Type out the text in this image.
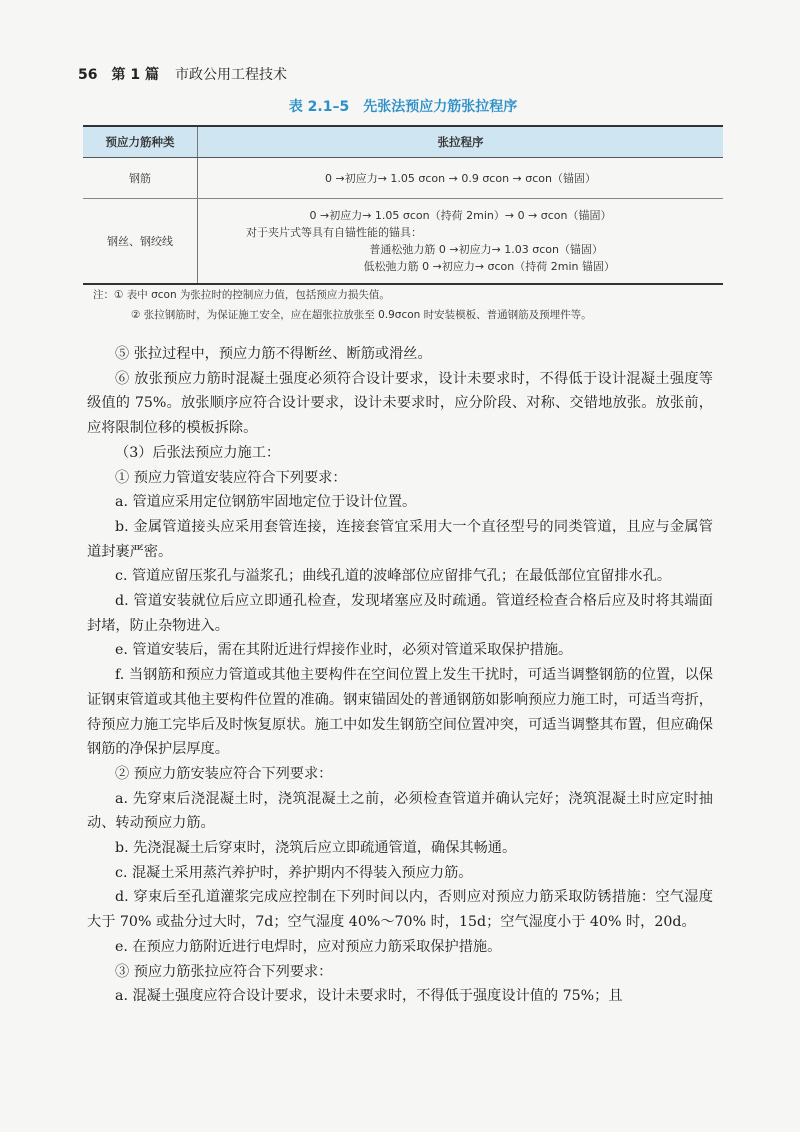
56 第 1 篇 市政公用工程技术
表 2.1–5　先张法预应力筋张拉程序
预应力筋种类	张拉程序
钢筋	0 →初应力→ 1.05 σcon → 0.9 σcon → σcon（锚固）

钢丝、钢绞线	0 →初应力→ 1.05 σcon（持荷 2min）→ 0 → σcon（锚固）
对于夹片式等具有自锚性能的锚具：
普通松弛力筋 0 →初应力→ 1.03 σcon（锚固）
低松弛力筋 0 →初应力→ σcon（持荷 2min 锚固）
注：① 表中 σcon 为张拉时的控制应力值，包括预应力损失值。
② 张拉钢筋时，为保证施工安全，应在超张拉放张至 0.9σcon 时安装模板、普通钢筋及预埋件等。

⑤ 张拉过程中，预应力筋不得断丝、断筋或滑丝。

⑥ 放张预应力筋时混凝土强度必须符合设计要求，设计未要求时，不得低于设计混凝土强度等级值的 75%。放张顺序应符合设计要求，设计未要求时，应分阶段、对称、交错地放张。放张前，应将限制位移的模板拆除。

（3）后张法预应力施工：

① 预应力管道安装应符合下列要求：

a. 管道应采用定位钢筋牢固地定位于设计位置。

b. 金属管道接头应采用套管连接，连接套管宜采用大一个直径型号的同类管道，且应与金属管道封裹严密。

c. 管道应留压浆孔与溢浆孔；曲线孔道的波峰部位应留排气孔；在最低部位宜留排水孔。

d. 管道安装就位后应立即通孔检查，发现堵塞应及时疏通。管道经检查合格后应及时将其端面封堵，防止杂物进入。

e. 管道安装后，需在其附近进行焊接作业时，必须对管道采取保护措施。

f. 当钢筋和预应力管道或其他主要构件在空间位置上发生干扰时，可适当调整钢筋的位置，以保证钢束管道或其他主要构件位置的准确。钢束锚固处的普通钢筋如影响预应力施工时，可适当弯折，待预应力施工完毕后及时恢复原状。施工中如发生钢筋空间位置冲突，可适当调整其布置，但应确保钢筋的净保护层厚度。

② 预应力筋安装应符合下列要求：

a. 先穿束后浇混凝土时，浇筑混凝土之前，必须检查管道并确认完好；浇筑混凝土时应定时抽动、转动预应力筋。

b. 先浇混凝土后穿束时，浇筑后应立即疏通管道，确保其畅通。

c. 混凝土采用蒸汽养护时，养护期内不得装入预应力筋。

d. 穿束后至孔道灌浆完成应控制在下列时间以内，否则应对预应力筋采取防锈措施：空气湿度大于 70% 或盐分过大时，7d；空气湿度 40%～70% 时，15d；空气湿度小于 40% 时，20d。

e. 在预应力筋附近进行电焊时，应对预应力筋采取保护措施。

③ 预应力筋张拉应符合下列要求：

a. 混凝土强度应符合设计要求，设计未要求时，不得低于强度设计值的 75%；且
